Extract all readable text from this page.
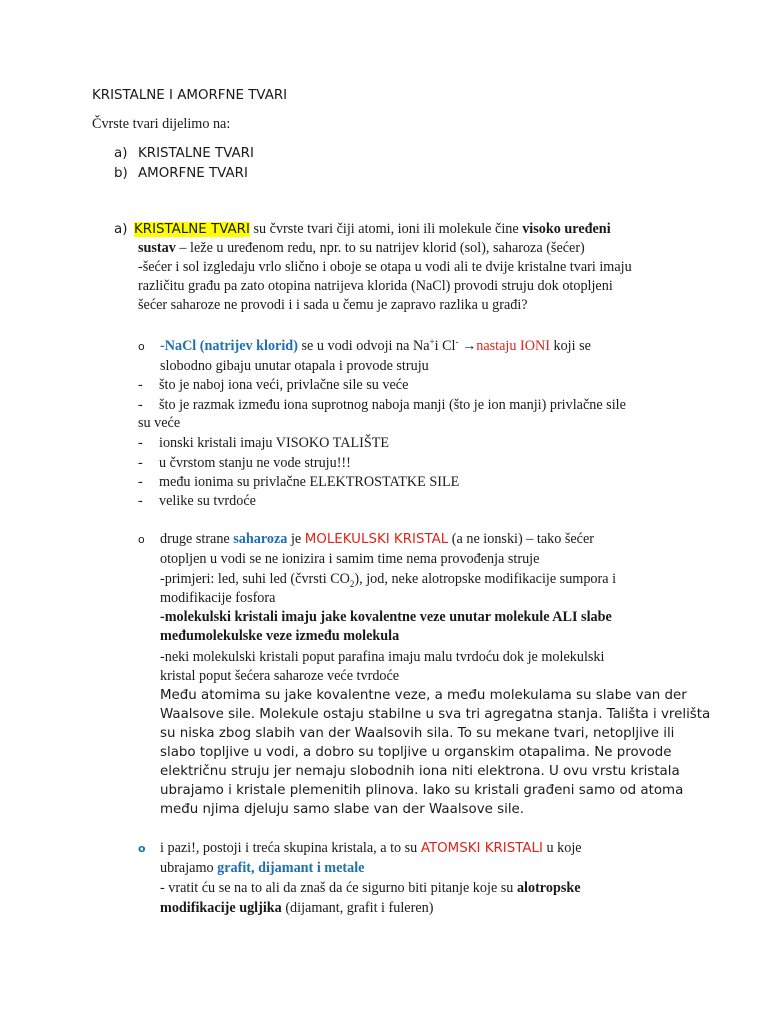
KRISTALNE I AMORFNE TVARI
Čvrste tvari dijelimo na:
a) KRISTALNE TVARI
b) AMORFNE TVARI
a) KRISTALNE TVARI su čvrste tvari čiji atomi, ioni ili molekule čine visoko uređeni
sustav – leže u uređenom redu, npr. to su natrijev klorid (sol), saharoza (šećer)
-šećer i sol izgledaju vrlo slično i oboje se otapa u vodi ali te dvije kristalne tvari imaju
različitu građu pa zato otopina natrijeva klorida (NaCl) provodi struju dok otopljeni
šećer saharoze ne provodi i i sada u čemu je zapravo razlika u građi?
o -NaCl (natrijev klorid) se u vodi odvoji na Na+i Cl- →nastaju IONI koji se
slobodno gibaju unutar otapala i provode struju
- što je naboj iona veći, privlačne sile su veće
- što je razmak između iona suprotnog naboja manji (što je ion manji) privlačne sile
su veće
- ionski kristali imaju VISOKO TALIŠTE
- u čvrstom stanju ne vode struju!!!
- među ionima su privlačne ELEKTROSTATKE SILE
- velike su tvrdoće
o druge strane saharoza je MOLEKULSKI KRISTAL (a ne ionski) – tako šećer
otopljen u vodi se ne ionizira i samim time nema provođenja struje
-primjeri: led, suhi led (čvrsti $CO_2$), jod, neke alotropske modifikacije sumpora i
modifikacije fosfora
-molekulski kristali imaju jake kovalentne veze unutar molekule ALI slabe
međumolekulske veze između molekula
-neki molekulski kristali poput parafina imaju malu tvrdoću dok je molekulski
kristal poput šećera saharoze veće tvrdoće
Među atomima su jake kovalentne veze, a među molekulama su slabe van der
Waalsove sile. Molekule ostaju stabilne u sva tri agregatna stanja. Tališta i vrelišta
su niska zbog slabih van der Waalsovih sila. To su mekane tvari, netopljive ili
slabo topljive u vodi, a dobro su topljive u organskim otapalima. Ne provode
električnu struju jer nemaju slobodnih iona niti elektrona. U ovu vrstu kristala
ubrajamo i kristale plemenitih plinova. Iako su kristali građeni samo od atoma
među njima djeluju samo slabe van der Waalsove sile.
o i pazi!, postoji i treća skupina kristala, a to su ATOMSKI KRISTALI u koje
ubrajamo grafit, dijamant i metale
- vratit ću se na to ali da znaš da će sigurno biti pitanje koje su alotropske
modifikacije ugljika (dijamant, grafit i fuleren)
